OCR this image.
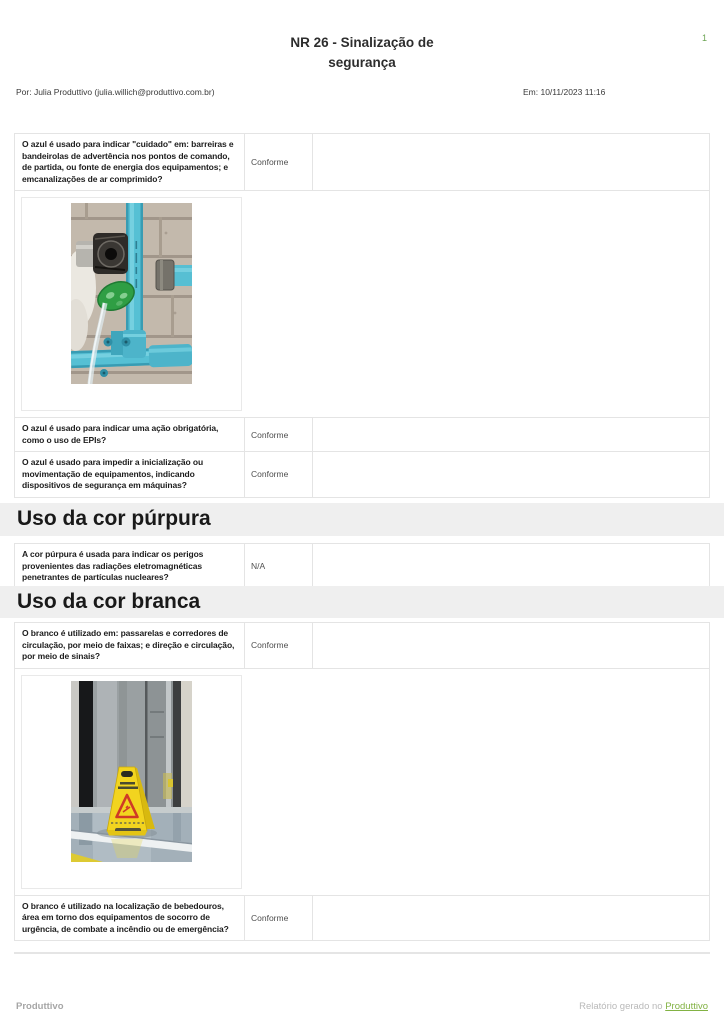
1
NR 26 - Sinalização de segurança
Por: Julia Produttivo (julia.willich@produttivo.com.br)	Em: 10/11/2023 11:16
O azul é usado para indicar "cuidado" em: barreiras e bandeirolas de advertência nos pontos de comando, de partida, ou fonte de energia dos equipamentos; e emcanalizações de ar comprimido?	Conforme	

O azul é usado para indicar uma ação obrigatória, como o uso de EPIs?	Conforme	
O azul é usado para impedir a inicialização ou movimentação de equipamentos, indicando dispositivos de segurança em máquinas?	Conforme	
Uso da cor púrpura
A cor púrpura é usada para indicar os perigos provenientes das radiações eletromagnéticas penetrantes de partículas nucleares?	N/A	
Uso da cor branca
O branco é utilizado em: passarelas e corredores de circulação, por meio de faixas; e direção e circulação, por meio de sinais?	Conforme	

O branco é utilizado na localização de bebedouros, área em torno dos equipamentos de socorro de urgência, de combate a incêndio ou de emergência?	Conforme	
Produttivo	Relatório gerado no Produttivo
